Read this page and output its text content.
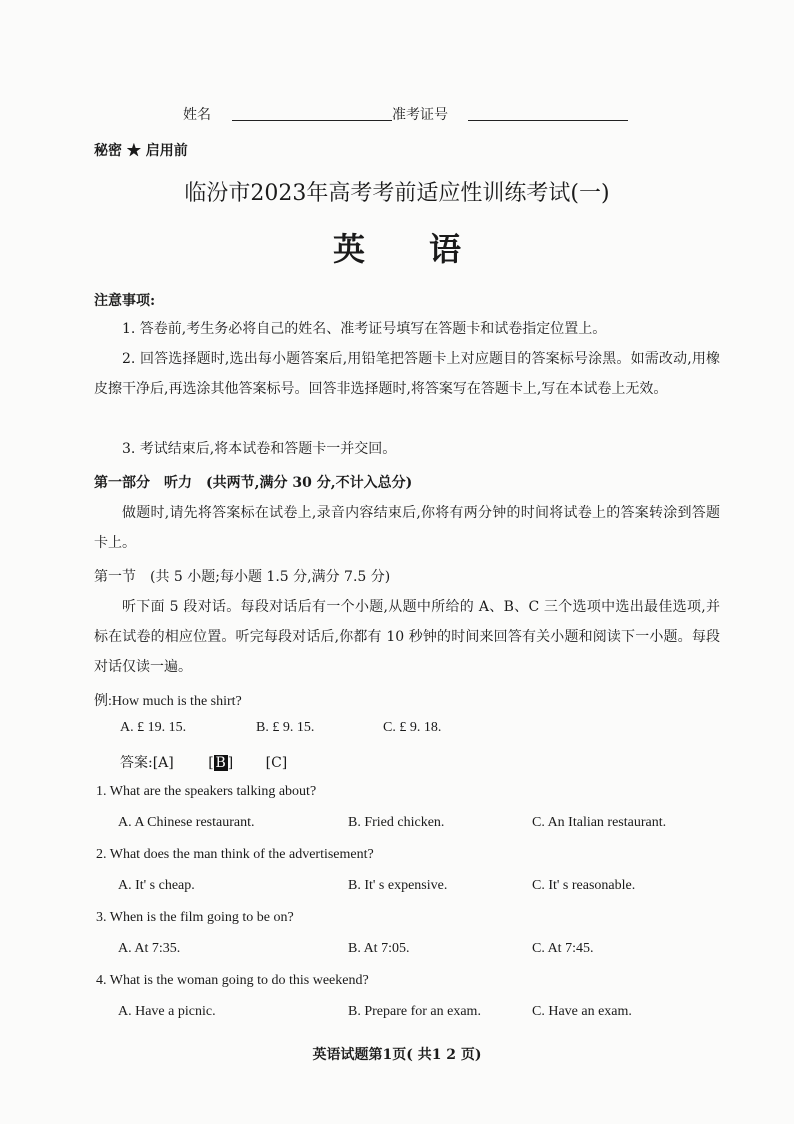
姓名	准考证号
秘密 ★ 启用前
临汾市2023年高考考前适应性训练考试(一)
英　　语
注意事项:
1. 答卷前,考生务必将自己的姓名、准考证号填写在答题卡和试卷指定位置上。
2. 回答选择题时,选出每小题答案后,用铅笔把答题卡上对应题目的答案标号涂黑。如需改动,用橡皮擦干净后,再选涂其他答案标号。回答非选择题时,将答案写在答题卡上,写在本试卷上无效。
3. 考试结束后,将本试卷和答题卡一并交回。
第一部分　听力　(共两节,满分 30 分,不计入总分)
做题时,请先将答案标在试卷上,录音内容结束后,你将有两分钟的时间将试卷上的答案转涂到答题卡上。
第一节　(共 5 小题;每小题 1.5 分,满分 7.5 分)
听下面 5 段对话。每段对话后有一个小题,从题中所给的 A、B、C 三个选项中选出最佳选项,并标在试卷的相应位置。听完每段对话后,你都有 10 秒钟的时间来回答有关小题和阅读下一小题。每段对话仅读一遍。
例:How much is the shirt?
A. £ 19. 15.	B. £ 9. 15.	C. £ 9. 18.
答案:[A] [ B ] [C]
1. What are the speakers talking about?
A. A Chinese restaurant.	B. Fried chicken.	C. An Italian restaurant.
2. What does the man think of the advertisement?
A. It' s cheap.	B. It' s expensive.	C. It' s reasonable.
3. When is the film going to be on?
A. At 7:35.	B. At 7:05.	C. At 7:45.
4. What is the woman going to do this weekend?
A. Have a picnic.	B. Prepare for an exam.	C. Have an exam.
英语试题第1页( 共1 2 页)
